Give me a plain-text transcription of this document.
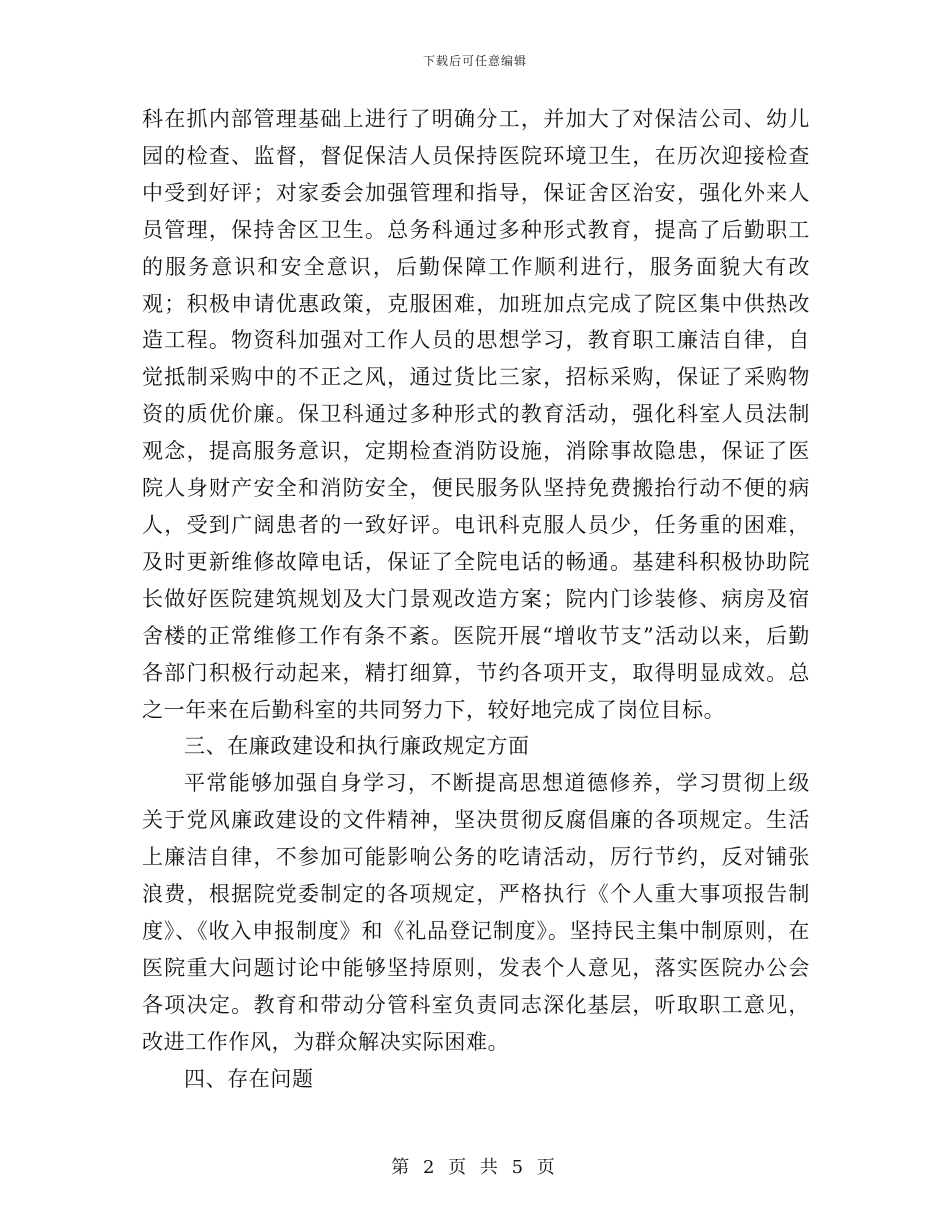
下载后可任意编辑

科在抓内部管理基础上进行了明确分工，并加大了对保洁公司、幼儿园的检查、监督，督促保洁人员保持医院环境卫生，在历次迎接检查中受到好评；对家委会加强管理和指导，保证舍区治安，强化外来人员管理，保持舍区卫生。总务科通过多种形式教育，提高了后勤职工的服务意识和安全意识，后勤保障工作顺利进行，服务面貌大有改观；积极申请优惠政策，克服困难，加班加点完成了院区集中供热改造工程。物资科加强对工作人员的思想学习，教育职工廉洁自律，自觉抵制采购中的不正之风，通过货比三家，招标采购，保证了采购物资的质优价廉。保卫科通过多种形式的教育活动，强化科室人员法制观念，提高服务意识，定期检查消防设施，消除事故隐患，保证了医院人身财产安全和消防安全，便民服务队坚持免费搬抬行动不便的病人，受到广阔患者的一致好评。电讯科克服人员少，任务重的困难，及时更新维修故障电话，保证了全院电话的畅通。基建科积极协助院长做好医院建筑规划及大门景观改造方案；院内门诊装修、病房及宿舍楼的正常维修工作有条不紊。医院开展“增收节支”活动以来，后勤各部门积极行动起来，精打细算，节约各项开支，取得明显成效。总之一年来在后勤科室的共同努力下，较好地完成了岗位目标。

三、在廉政建设和执行廉政规定方面

平常能够加强自身学习，不断提高思想道德修养，学习贯彻上级关于党风廉政建设的文件精神，坚决贯彻反腐倡廉的各项规定。生活上廉洁自律，不参加可能影响公务的吃请活动，厉行节约，反对铺张浪费，根据院党委制定的各项规定，严格执行《个人重大事项报告制度》、《收入申报制度》和《礼品登记制度》。坚持民主集中制原则，在医院重大问题讨论中能够坚持原则，发表个人意见，落实医院办公会各项决定。教育和带动分管科室负责同志深化基层，听取职工意见，改进工作作风，为群众解决实际困难。

四、存在问题

第 2 页 共 5 页
